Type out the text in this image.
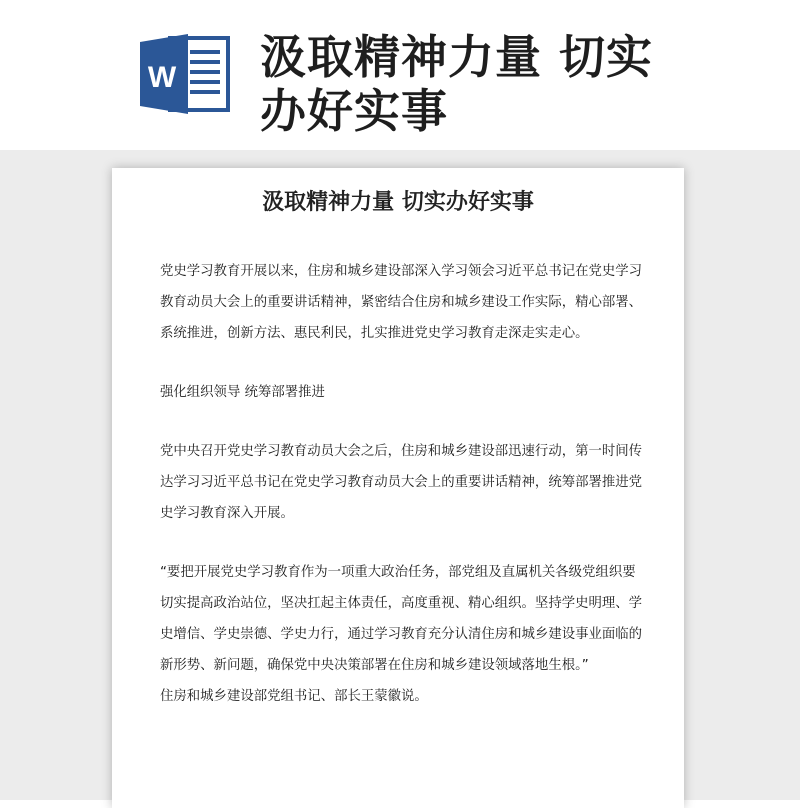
W 汲取精神力量 切实
办好实事
汲取精神力量 切实办好实事

党史学习教育开展以来，住房和城乡建设部深入学习领会习近平总书记在党史学习教育动员大会上的重要讲话精神，紧密结合住房和城乡建设工作实际，精心部署、系统推进，创新方法、惠民利民，扎实推进党史学习教育走深走实走心。

强化组织领导 统筹部署推进

党中央召开党史学习教育动员大会之后，住房和城乡建设部迅速行动，第一时间传达学习习近平总书记在党史学习教育动员大会上的重要讲话精神，统筹部署推进党史学习教育深入开展。

“要把开展党史学习教育作为一项重大政治任务，部党组及直属机关各级党组织要切实提高政治站位，坚决扛起主体责任，高度重视、精心组织。坚持学史明理、学史增信、学史崇德、学史力行，通过学习教育充分认清住房和城乡建设事业面临的新形势、新问题，确保党中央决策部署在住房和城乡建设领域落地生根。”

住房和城乡建设部党组书记、部长王蒙徽说。
